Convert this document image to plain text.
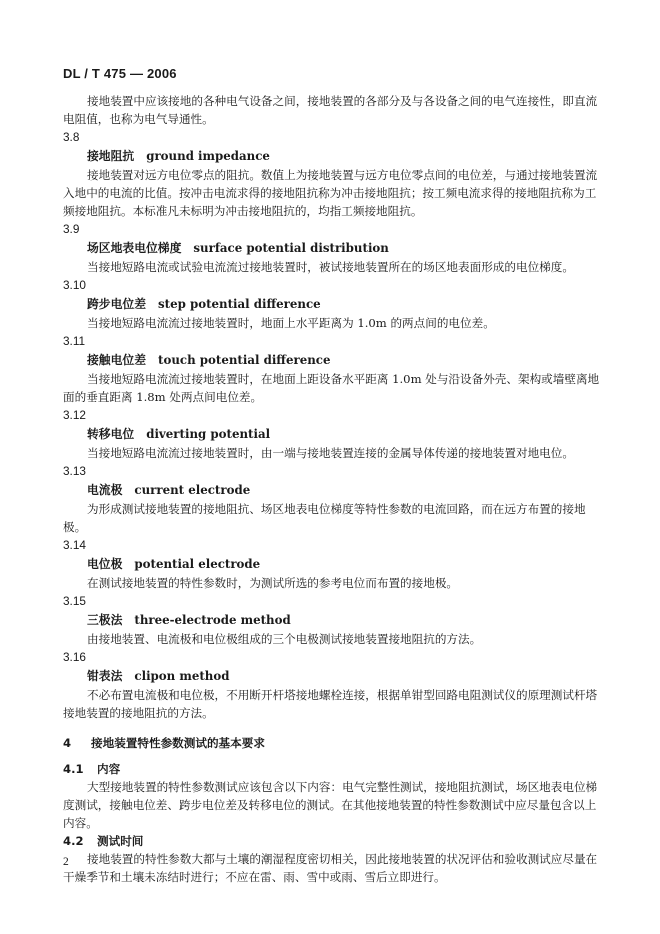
DL / T 475 — 2006

接地装置中应该接地的各种电气设备之间，接地装置的各部分及与各设备之间的电气连接性，即直流电阻值，也称为电气导通性。

3.8

接地阻抗 ground impedance

接地装置对远方电位零点的阻抗。数值上为接地装置与远方电位零点间的电位差，与通过接地装置流入地中的电流的比值。按冲击电流求得的接地阻抗称为冲击接地阻抗；按工频电流求得的接地阻抗称为工频接地阻抗。本标准凡未标明为冲击接地阻抗的，均指工频接地阻抗。

3.9

场区地表电位梯度 surface potential distribution

当接地短路电流或试验电流流过接地装置时，被试接地装置所在的场区地表面形成的电位梯度。

3.10

跨步电位差 step potential difference

当接地短路电流流过接地装置时，地面上水平距离为 1.0m 的两点间的电位差。

3.11

接触电位差 touch potential difference

当接地短路电流流过接地装置时，在地面上距设备水平距离 1.0m 处与沿设备外壳、架构或墙壁离地面的垂直距离 1.8m 处两点间电位差。

3.12

转移电位 diverting potential

当接地短路电流流过接地装置时，由一端与接地装置连接的金属导体传递的接地装置对地电位。

3.13

电流极 current electrode

为形成测试接地装置的接地阻抗、场区地表电位梯度等特性参数的电流回路，而在远方布置的接地极。

3.14

电位极 potential electrode

在测试接地装置的特性参数时，为测试所选的参考电位而布置的接地极。

3.15

三极法 three-electrode method

由接地装置、电流极和电位极组成的三个电极测试接地装置接地阻抗的方法。

3.16

钳表法 clipon method

不必布置电流极和电位极，不用断开杆塔接地螺栓连接，根据单钳型回路电阻测试仪的原理测试杆塔接地装置的接地阻抗的方法。

4 接地装置特性参数测试的基本要求

4.1 内容

大型接地装置的特性参数测试应该包含以下内容：电气完整性测试，接地阻抗测试，场区地表电位梯度测试，接触电位差、跨步电位差及转移电位的测试。在其他接地装置的特性参数测试中应尽量包含以上内容。

4.2 测试时间

接地装置的特性参数大都与土壤的潮湿程度密切相关，因此接地装置的状况评估和验收测试应尽量在干燥季节和土壤未冻结时进行；不应在雷、雨、雪中或雨、雪后立即进行。

2
